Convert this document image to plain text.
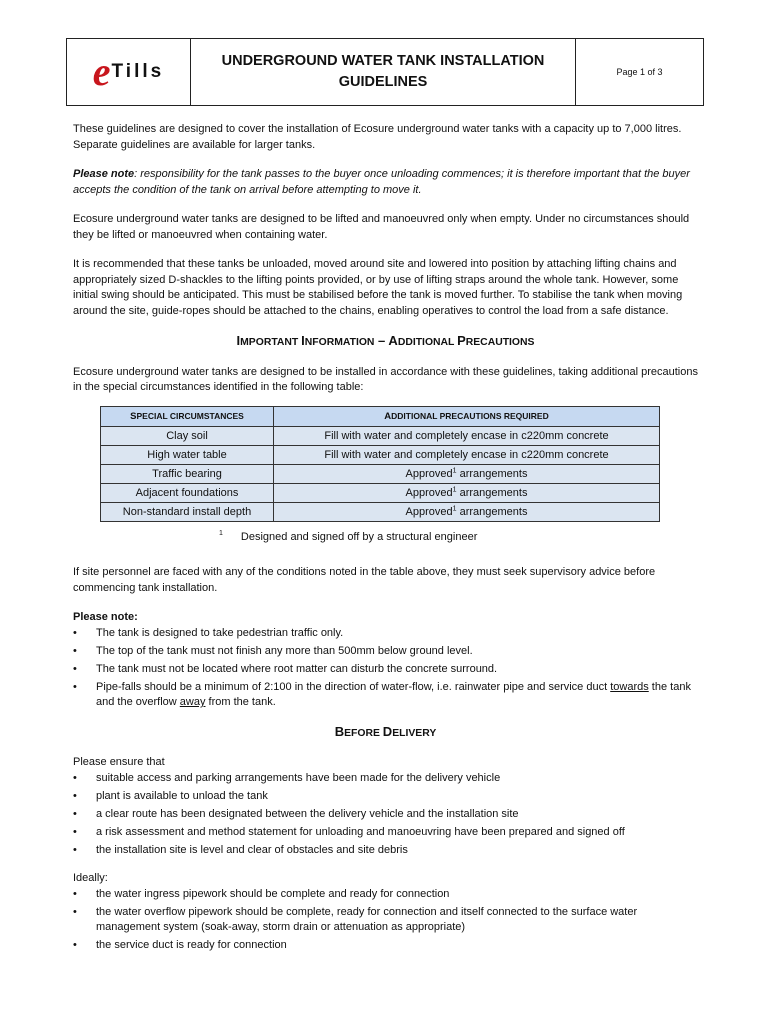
e Tills	UNDERGROUND WATER TANK INSTALLATION
GUIDELINES
Page 1 of 3

These guidelines are designed to cover the installation of Ecosure underground water tanks with a capacity up to 7,000 litres. Separate guidelines are available for larger tanks.

Please note: responsibility for the tank passes to the buyer once unloading commences; it is therefore important that the buyer accepts the condition of the tank on arrival before attempting to move it.

Ecosure underground water tanks are designed to be lifted and manoeuvred only when empty. Under no circumstances should they be lifted or manoeuvred when containing water.

It is recommended that these tanks be unloaded, moved around site and lowered into position by attaching lifting chains and appropriately sized D-shackles to the lifting points provided, or by use of lifting straps around the whole tank. However, some initial swing should be anticipated. This must be stabilised before the tank is moved further. To stabilise the tank when moving around the site, guide-ropes should be attached to the chains, enabling operatives to control the load from a safe distance.

IMPORTANT INFORMATION – ADDITIONAL PRECAUTIONS

Ecosure underground water tanks are designed to be installed in accordance with these guidelines, taking additional precautions in the special circumstances identified in the following table:

SPECIAL CIRCUMSTANCES	ADDITIONAL PRECAUTIONS REQUIRED
Clay soil	Fill with water and completely encase in c220mm concrete
High water table	Fill with water and completely encase in c220mm concrete
Traffic bearing	Approved$^1$ arrangements
Adjacent foundations	Approved$^1$ arrangements
Non-standard install depth	Approved$^1$ arrangements

$^1$ Designed and signed off by a structural engineer

If site personnel are faced with any of the conditions noted in the table above, they must seek supervisory advice before commencing tank installation.

Please note:

• The tank is designed to take pedestrian traffic only.
• The top of the tank must not finish any more than 500mm below ground level.
• The tank must not be located where root matter can disturb the concrete surround.
• Pipe-falls should be a minimum of 2:100 in the direction of water-flow, i.e. rainwater pipe and service duct towards the tank and the overflow away from the tank.
BEFORE DELIVERY

Please ensure that

• suitable access and parking arrangements have been made for the delivery vehicle
• plant is available to unload the tank
• a clear route has been designated between the delivery vehicle and the installation site
• a risk assessment and method statement for unloading and manoeuvring have been prepared and signed off
• the installation site is level and clear of obstacles and site debris

Ideally:

• the water ingress pipework should be complete and ready for connection
• the water overflow pipework should be complete, ready for connection and itself connected to the surface water management system (soak-away, storm drain or attenuation as appropriate)
• the service duct is ready for connection
